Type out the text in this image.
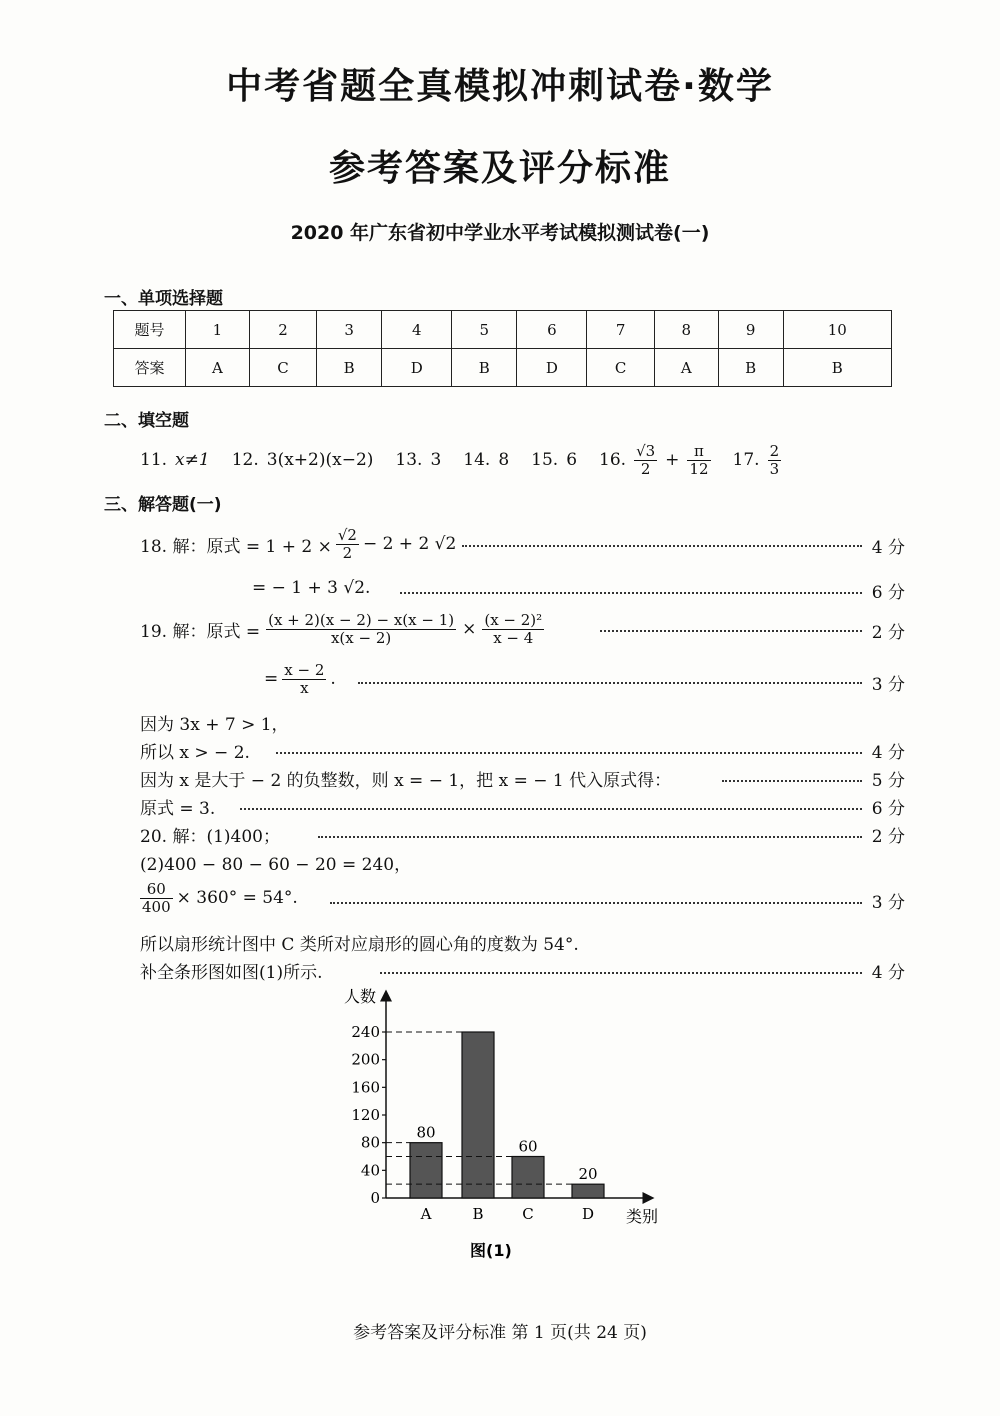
中考省题全真模拟冲刺试卷·数学
参考答案及评分标准
2020 年广东省初中学业水平考试模拟测试卷(一)
一、单项选择题
题号	1	2	3	4	5	6	7	8	9	10
答案	A	C	B	D	B	D	C	A	B	B
二、填空题
11. x≠1 12. 3(x+2)(x−2) 13. 3 14. 8 15. 6 16. $\frac{√3}{2} + \frac{\pi}{12} 17$. $\frac{2}{3}$
三、解答题(一)
18. 解：原式 = $1 + 2 \times \frac{√2}{2} - 2 + 2$ √2	4 分
= − 1 + 3 √2.	6 分
19. 解：原式 = $\frac{(x + 2)(x - 2) - x(x - 1)}{x(x - 2)} \times \frac{\text{(x − 2)²}}{x - 4}$	2 分
= $\frac{x - 2}{x}$ .	3 分
因为 3x + 7 > 1，
所以 x > − 2.	4 分
因为 x 是大于 − 2 的负整数，则 x = − 1，把 x = − 1 代入原式得：	5 分
原式 = 3.	6 分
20. 解：(1)400；	2 分
(2)400 − 80 − 60 − 20 = 240，
$\frac{60}{400} \times 360^\circ = 54^\circ$.	3 分
所以扇形统计图中 C 类所对应扇形的圆心角的度数为 54°.
补全条形图如图(1)所示.	4 分
人数
类别
图(1)
0
40
80
120
160
200
240
80
A	B
60
C
20
D
参考答案及评分标准 第 1 页(共 24 页)
